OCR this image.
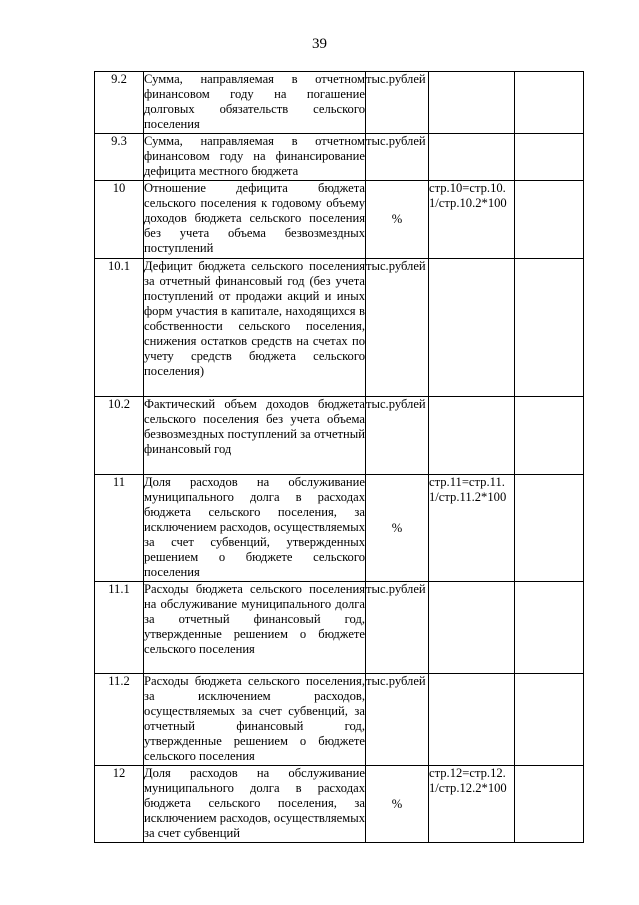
39
9.2	Сумма, направляемая в отчетном финансовом году на погашение долговых обязательств сельского поселения	тыс.рублей		
9.3	Сумма, направляемая в отчетном финансовом году на финансирование дефицита местного бюджета	тыс.рублей		
10	Отношение дефицита бюджета сельского поселения к годовому объему доходов бюджета сельского поселения без учета объема безвозмездных поступлений	%	стр.10=стр.10.1/стр.10.2*100	
10.1	Дефицит бюджета сельского поселения за отчетный финансовый год (без учета поступлений от продажи акций и иных форм участия в капитале, находящихся в собственности сельского поселения, снижения остатков средств на счетах по учету средств бюджета сельского поселения)	тыс.рублей		
10.2	Фактический объем доходов бюджета сельского поселения без учета объема безвозмездных поступлений за отчетный финансовый год	тыс.рублей		
11	Доля расходов на обслуживание муниципального долга в расходах бюджета сельского поселения, за исключением расходов, осуществляемых за счет субвенций, утвержденных решением о бюджете сельского поселения	%	стр.11=стр.11.1/стр.11.2*100	
11.1	Расходы бюджета сельского поселения на обслуживание муниципального долга за отчетный финансовый год, утвержденные решением о бюджете сельского поселения	тыс.рублей		
11.2	Расходы бюджета сельского поселения, за исключением расходов, осуществляемых за счет субвенций, за отчетный финансовый год, утвержденные решением о бюджете сельского поселения	тыс.рублей		
12	Доля расходов на обслуживание муниципального долга в расходах бюджета сельского поселения, за исключением расходов, осуществляемых за счет субвенций	%	стр.12=стр.12.1/стр.12.2*100	
